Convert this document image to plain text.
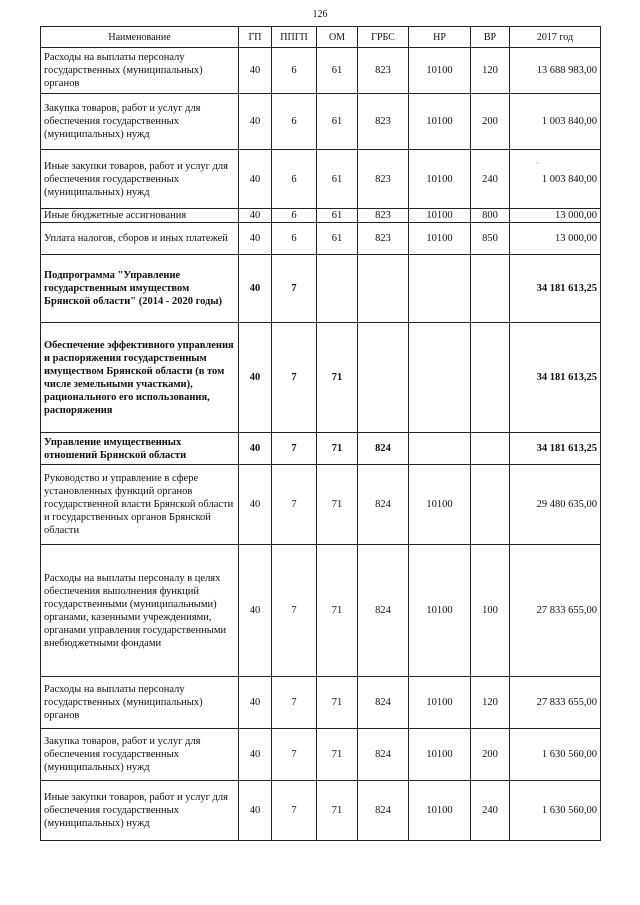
126
·
Наименование	ГП	ППГП	ОМ	ГРБС	НР	ВР	2017 год
Расходы на выплаты персоналу государственных (муниципальных) органов	40	6	61	823	10100	120	13 688 983,00
Закупка товаров, работ и услуг для обеспечения государственных (муниципальных) нужд	40	6	61	823	10100	200	1 003 840,00
Иные закупки товаров, работ и услуг для обеспечения государственных (муниципальных) нужд	40	6	61	823	10100	240	1 003 840,00
Иные бюджетные ассигнования	40	6	61	823	10100	800	13 000,00
Уплата налогов, сборов и иных платежей	40	6	61	823	10100	850	13 000,00
Подпрограмма "Управление государственным имуществом Брянской области" (2014 - 2020 годы)	40	7					34 181 613,25
Обеспечение эффективного управления и распоряжения государственным имуществом Брянской области (в том числе земельными участками), рационального его использования, распоряжения	40	7	71				34 181 613,25
Управление имущественных отношений Брянской области	40	7	71	824			34 181 613,25
Руководство и управление в сфере установленных функций органов государственной власти Брянской области и государственных органов Брянской области	40	7	71	824	10100		29 480 635,00
Расходы на выплаты персоналу в целях обеспечения выполнения функций государственными (муниципальными) органами, казенными учреждениями, органами управления государственными внебюджетными фондами	40	7	71	824	10100	100	27 833 655,00
Расходы на выплаты персоналу государственных (муниципальных) органов	40	7	71	824	10100	120	27 833 655,00
Закупка товаров, работ и услуг для обеспечения государственных (муниципальных) нужд	40	7	71	824	10100	200	1 630 560,00
Иные закупки товаров, работ и услуг для обеспечения государственных (муниципальных) нужд	40	7	71	824	10100	240	1 630 560,00
